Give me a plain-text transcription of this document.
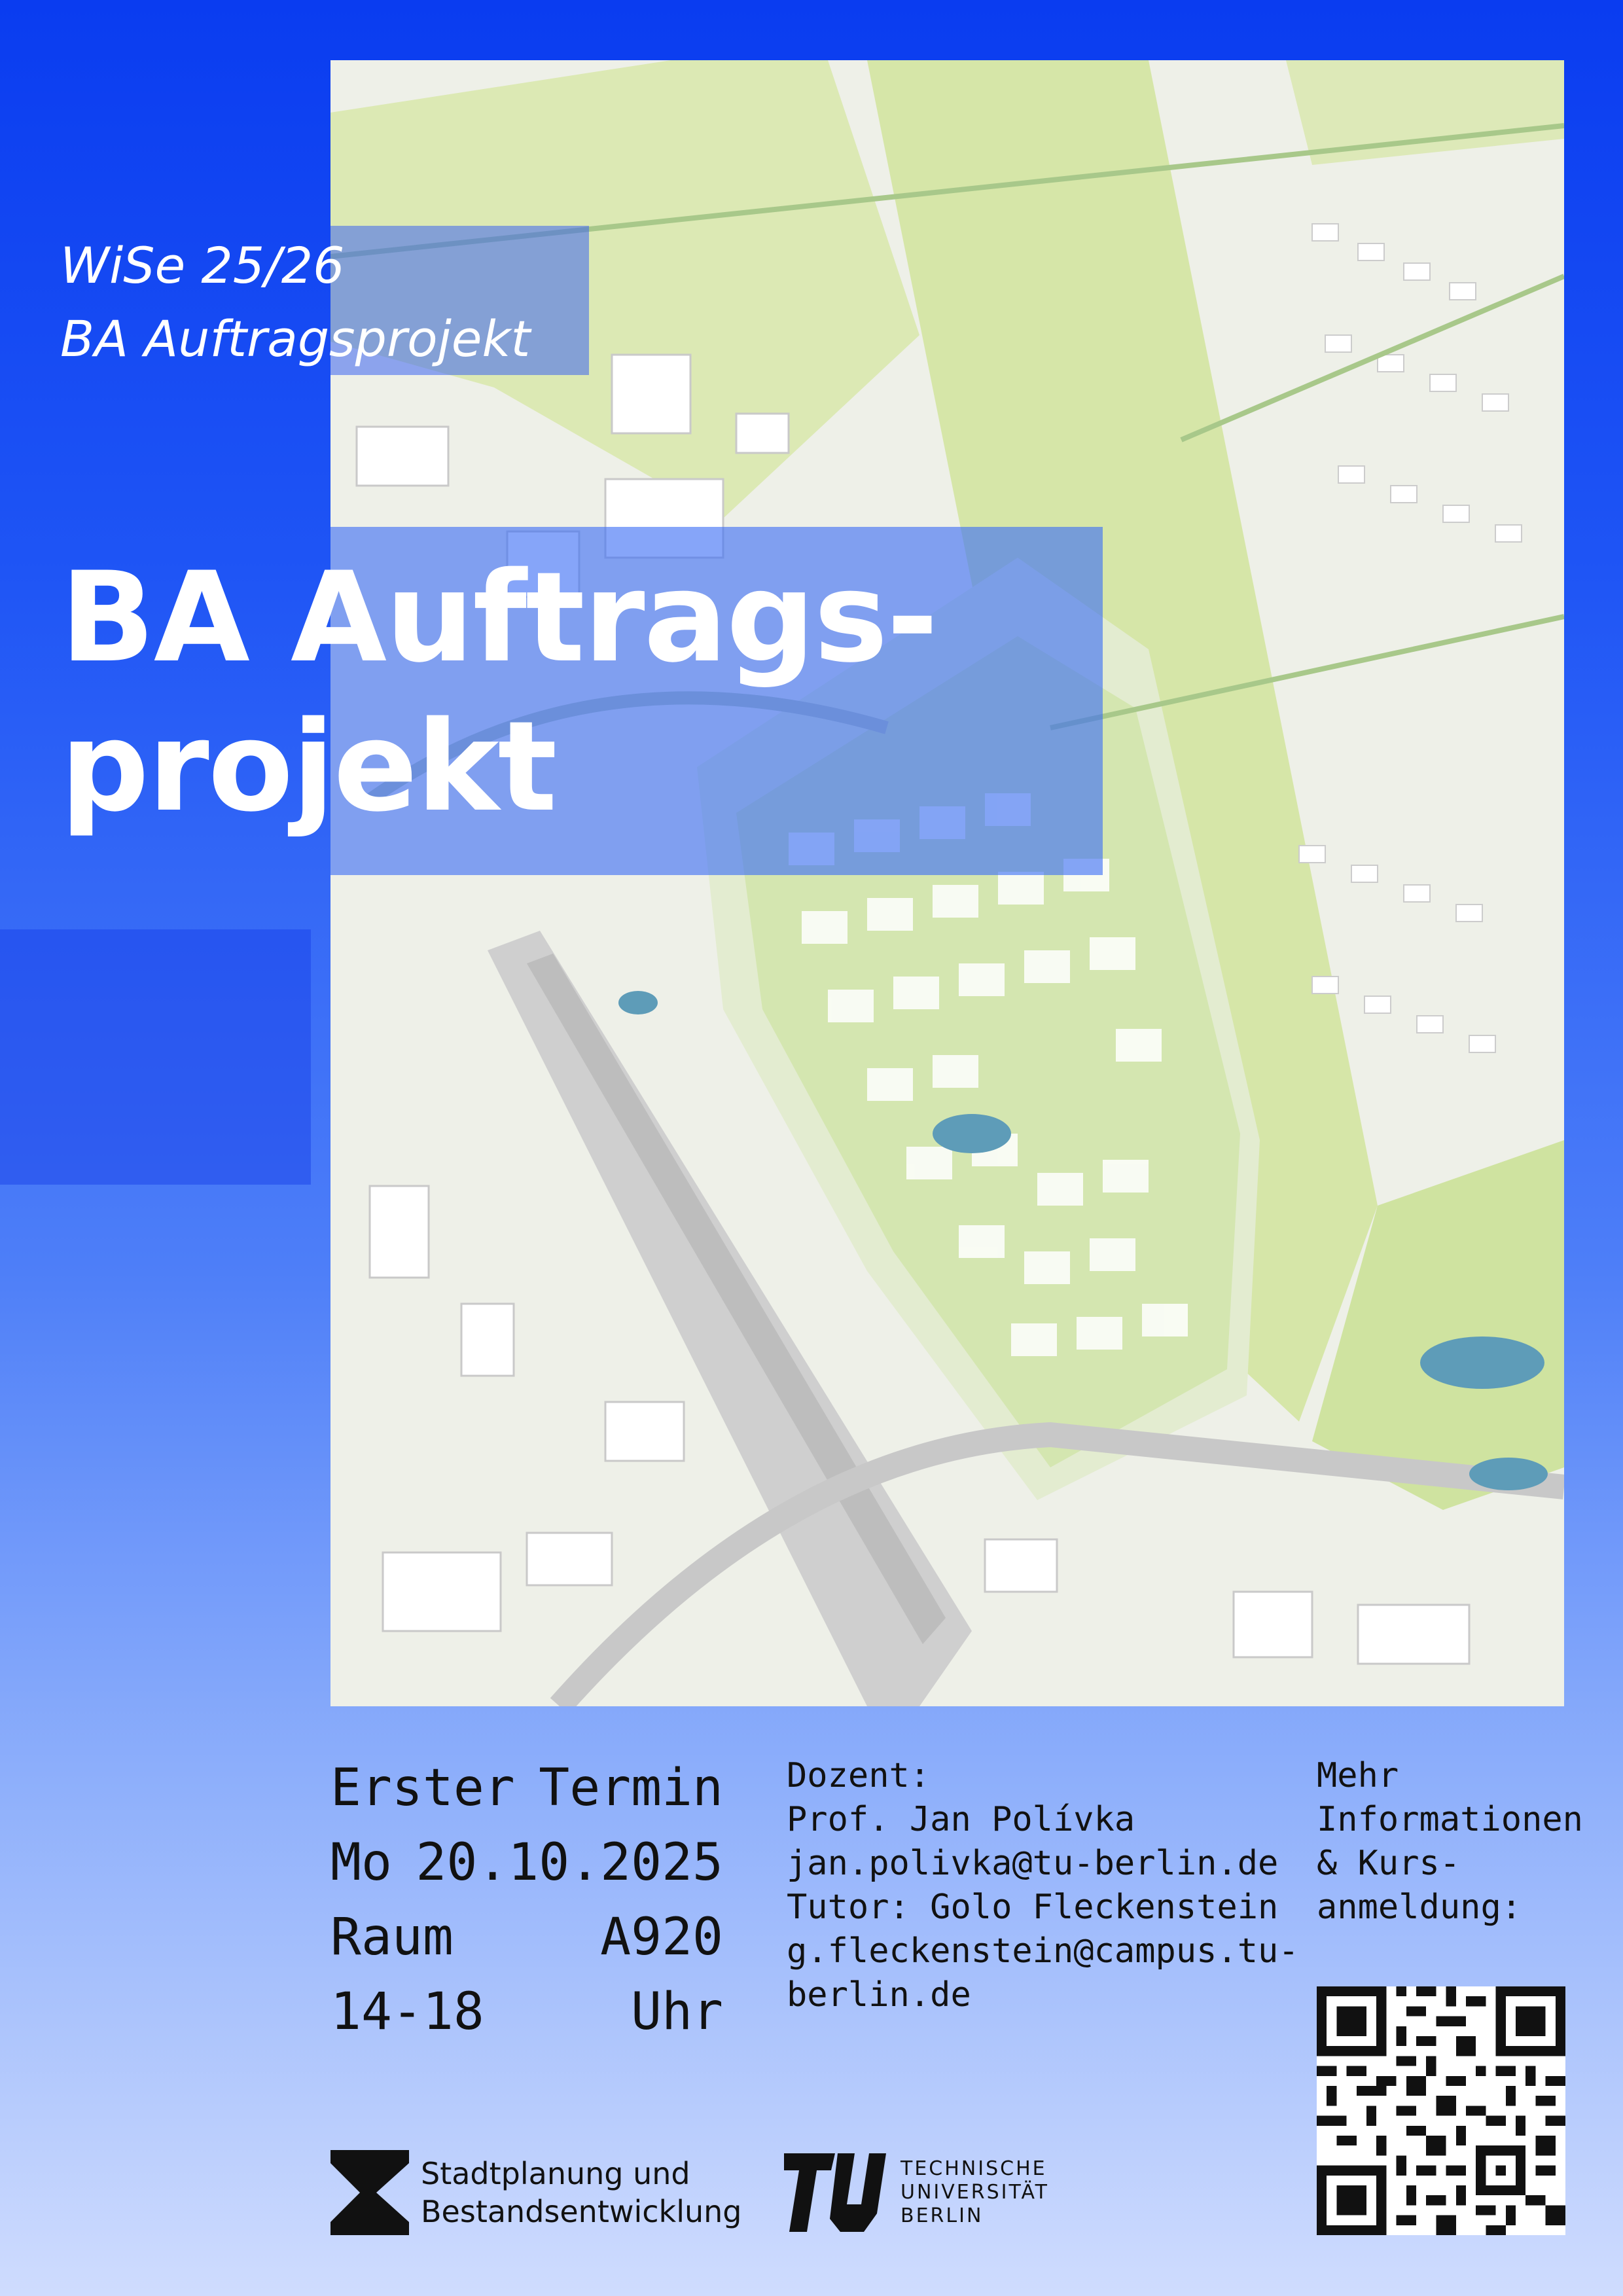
WiSe 25/26
BA Auftragsprojekt
BA Auftrags-
projekt
Erster Termin
Mo 20.10.2025
Raum	A920
14-18	Uhr
Dozent:
Prof. Jan Polívka
jan.polivka@tu-berlin.de
Tutor: Golo Fleckenstein
g.fleckenstein@campus.tu-
berlin.de
Mehr
Informationen
& Kurs-
anmeldung:
Stadtplanung und
Bestandsentwicklung
TECHNISCHE
UNIVERSITÄT
BERLIN
